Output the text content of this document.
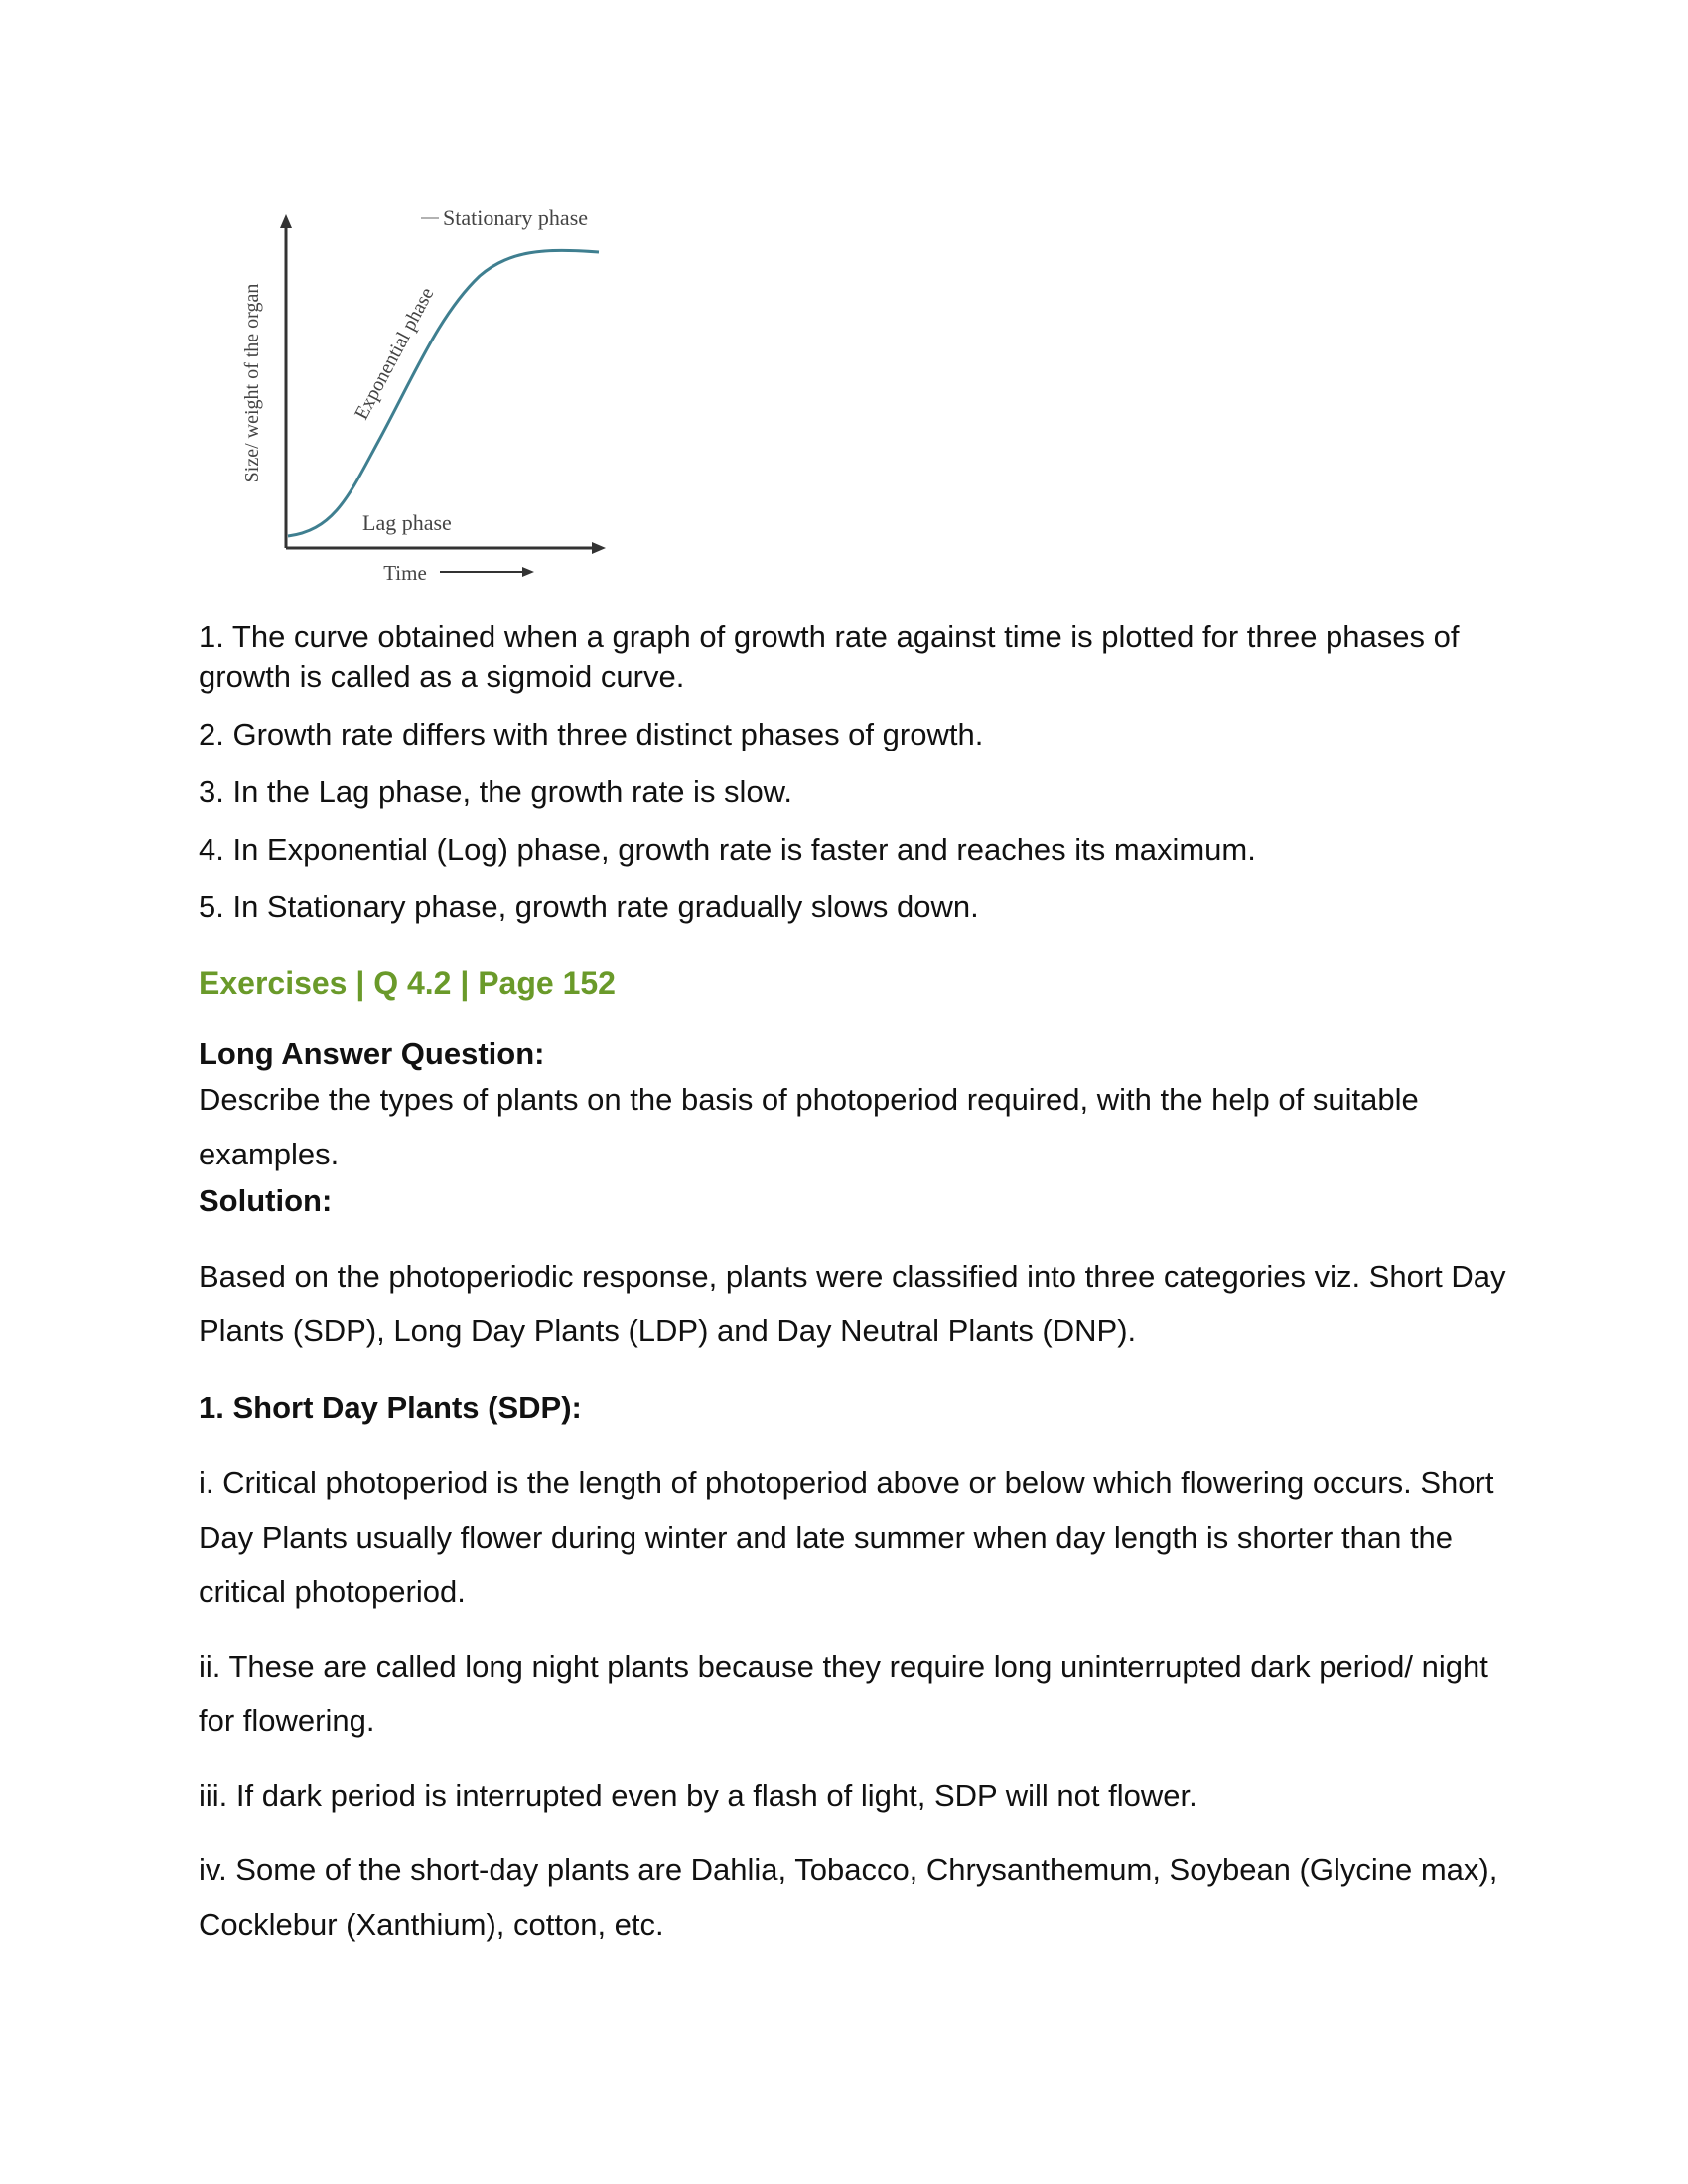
Size/ weight of the organ
Time
Stationary phase
Exponential phase
Lag phase

1. The curve obtained when a graph of growth rate against time is plotted for three phases of growth is called as a sigmoid curve.

2. Growth rate differs with three distinct phases of growth.

3. In the Lag phase, the growth rate is slow.

4. In Exponential (Log) phase, growth rate is faster and reaches its maximum.

5. In Stationary phase, growth rate gradually slows down.

Exercises | Q 4.2 | Page 152

Long Answer Question:

Describe the types of plants on the basis of photoperiod required, with the help of suitable examples.

Solution:

Based on the photoperiodic response, plants were classified into three categories viz. Short Day Plants (SDP), Long Day Plants (LDP) and Day Neutral Plants (DNP).

1. Short Day Plants (SDP):

i. Critical photoperiod is the length of photoperiod above or below which flowering occurs. Short Day Plants usually flower during winter and late summer when day length is shorter than the critical photoperiod.

ii. These are called long night plants because they require long uninterrupted dark period/ night for flowering.

iii. If dark period is interrupted even by a flash of light, SDP will not flower.

iv. Some of the short-day plants are Dahlia, Tobacco, Chrysanthemum, Soybean (Glycine max), Cocklebur (Xanthium), cotton, etc.
